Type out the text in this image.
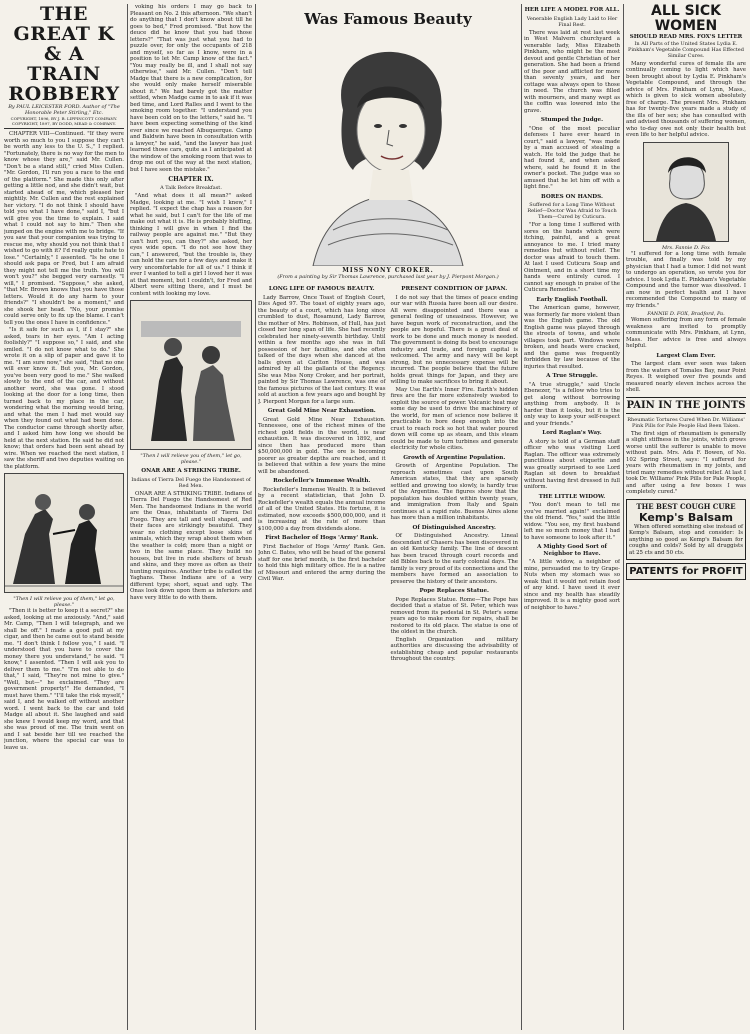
THE GREAT K & A
TRAIN ROBBERY
By PAUL LEICESTER FORD. Author of "The Honorable Peter Stirling," Etc.
COPYRIGHT, 1896, BY J. B. LIPPINCOTT COMPANY. COPYRIGHT, 1897, BY DODD, MEAD & COMPANY.

CHAPTER VIII—Continued. "If they were worth so much to you I suppose they can't be worth any less to the U. S.," I replied. "Fortunately, there is no way for the men to know whose they are," said Mr. Cullen. "Don't be a stand still," cried Miss Cullen. "Mr. Gordon, I'll run you a race to the end of the platform." She made this only after getting a little nod, and she didn't wait, but started ahead of me, which pleased her mightily. Mr. Cullen and the rest explained her victory. "I do not think I should have told you what I have done," said I, "but I will give you the time to explain. I said what I could not say to him." Then she jumped on the engine with me to bridge. "If you saw that your companion was trying to rescue me, why should you not think that I wished to go with it? I'd really quite hate to lose." "Certainly," I assented. "Is he one I should ask papa or Fred, but I am afraid they might not tell me the truth. You will won't you?" she begged very earnestly. "I will," I promised. "Suppose," she asked, "that Mr. Brown knows that you have those letters. Would it do any harm to your friends?" "I shouldn't be a moment," and she shook her head. "No, your promise could serve only to fix up the blame. I can't tell you the ones I have in confidence."

"Is it safe for such as I, if I stay?" she asked, tears in her eyes. "Am I acting foolishly?" "I suppose so," I said, and she smiled. "I do not know what to do." She wrote it on a slip of paper and gave it to me. "I am sure now," she said, "that no one will ever know it. But you, Mr. Gordon, you've been very good to me." She walked slowly to the end of the car, and without another word, she was gone. I stood looking at the door for a long time, then turned back to my place in the car, wondering what the morning would bring, and what the men I had met would say when they found out what had been done. The conductor came through shortly after, and I asked him how long we should be held at the next station. He said he did not know; that orders had been sent ahead by wire. When we reached the next station, I saw the sheriff and two deputies waiting on the platform.

"Then I will relieve you of them," let go, please."

"Then it is better to keep it a secret?" she asked, looking at me anxiously. "And," said Mr. Camp, "Then I will telegraph, and we shall be off." I made a good pull at my cigar, and then he came out to stand beside me. "I don't think I follow you," I said. "I understood that you have to cover the money there you understand," he said. "I know," I assented. "Then I will ask you to deliver them to me." "I'm not able to do that," I said, "They're not mine to give." "Well, but—" he exclaimed. "They are government property!" He demanded, "I must have them." "I'll take the risk myself," said I, and he walked off without another word. I went back to the car and told Madge all about it. She laughed and said she knew I would keep my word, and that she was proud of me. The train went on and I sat beside her till we reached the junction, where the special car was to leave us.

voking his orders I may go back to Pleasant on No. 2 this afternoon. "We shan't do anything that I don't know about till he goes to bed," Fred promised. "But how the deuce did he know that you had those letters?" "That was just what you had to puzzle over, for only the occupants of 218 and myself, so far as I know, were in a position to let Mr. Camp know of the fact." "You may really be ill, and I shall not say otherwise," said Mr. Cullen. "Don't tell Madge that there is a new complication, for she would only make herself miserable about it." We had barely got the matter settled, when Madge came in to ask if it was bed time, and Lord Ralles and I went to the smoking room together. "I understand you have been cold on to the letters," said he. "I have been expecting something of the kind ever since we reached Albuquerque. Camp and Baldwin have been in consultation with a lawyer," he said, "and the lawyer has just learned those cars, quite as I anticipated at the window of the smoking room that was to drop me out of the way at the next station, but I have seen the mistake."

CHAPTER IX.
A Talk Before Breakfast.

"And what does it all mean?" asked Madge, looking at me. "I wish I knew," I replied. "I expect the chap has a reason for what he said, but I can't for the life of me make out what it is. He is probably bluffing, thinking I will give in when I find the railway people are against me." "But they can't hurt you, can they?" she asked, her eyes wide open. "I do not see how they can," I answered, "but the trouble is, they can hold the cars for a few days and make it very uncomfortable for all of us." I think if ever I wanted to tell a girl I loved her it was at that moment, but I couldn't, for Fred and Albert were sitting there, and I must be content with looking my love.

"Then I will relieve you of them," let go, please."
ONAR ARE A STRIKING TRIBE.
Indians of Tierra Del Fuego the Handsomest of Red Men.

ONAR ARE A STRIKING TRIBE. Indians of Tierra Del Fuego the Handsomest of Red Men. The handsomest Indians in the world are the Onas, inhabitants of Tierra Del Fuego. They are tall and well shaped, and their faces are strikingly beautiful. They wear no clothing except loose skins of animals, which they wrap about them when the weather is cold; more than a night or two in the same place. They build no houses, but live in rude shelters of brush and skins, and they move as often as their hunting requires. Another tribe is called the Yaghans. These Indians are of a very different type; short, squat and ugly. The Onas look down upon them as inferiors and have very little to do with them.

Was Famous Beauty
MISS NONY CROKER.
(From a painting by Sir Thomas Lawrence, purchased last year by J. Pierpont Morgan.)
LONG LIFE OF FAMOUS BEAUTY.

Lady Barrow, Once Toast of English Court, Dies Aged 97. The toast of eighty years ago, the beauty of a court, which has long since crumbled to dust, Rosamund, Lady Barrow, the mother of Mrs. Robinson, of Hull, has just closed her long span of life. She had recently celebrated her ninety-seventh birthday. Until within a few months ago she was in full possession of her faculties, and she often talked of the days when she danced at the balls given at Carlton House, and was admired by all the gallants of the Regency. She was Miss Nony Croker, and her portrait, painted by Sir Thomas Lawrence, was one of the famous pictures of the last century. It was sold at auction a few years ago and bought by J. Pierpont Morgan for a large sum.

Great Gold Mine Near Exhaustion.

Great Gold Mine Near Exhaustion. Tennessee, one of the richest mines of the richest gold fields in the world, is near exhaustion. It was discovered in 1892, and since then has produced more than $50,000,000 in gold. The ore is becoming poorer as greater depths are reached, and it is believed that within a few years the mine will be abandoned.

Rockefeller's Immense Wealth.

Rockefeller's Immense Wealth. It is believed by a recent statistician, that John D. Rockefeller's wealth equals the annual income of all of the United States. His fortune, it is estimated, now exceeds $500,000,000, and it is increasing at the rate of more than $100,000 a day from dividends alone.

First Bachelor of Hogs 'Army' Rank.

First Bachelor of Hogs 'Army' Rank. Gen. John C. Bates, who will be head of the general staff for one brief month, is the first bachelor to hold this high military office. He is a native of Missouri and entered the army during the Civil War.

PRESENT CONDITION OF JAPAN.

I do not say that the times of peace ending our war with Russia have been all our desire. All were disappointed and there was a general feeling of uneasiness. However, we have begun work of reconstruction, and the people are hopeful. There is a great deal of work to be done and much money is needed. The government is doing its best to encourage industry and trade, and foreign capital is welcomed. The army and navy will be kept strong, but no unnecessary expense will be incurred. The people believe that the future holds great things for Japan, and they are willing to make sacrifices to bring it about.

May Use Earth's Inner Fire. Earth's hidden fires are the far more extensively wasted to exploit the source of power. Volcanic heat may some day be used to drive the machinery of the world, for men of science now believe it practicable to bore deep enough into the crust to reach rock so hot that water poured down will come up as steam, and this steam could be made to turn turbines and generate electricity for whole cities.

Growth of Argentine Population.

Growth of Argentine Population. The reproach sometimes cast upon South American states, that they are sparsely settled and growing too slowly, is hardly true of the Argentine. The figures show that the population has doubled within twenty years, and immigration from Italy and Spain continues at a rapid rate. Buenos Aires alone has more than a million inhabitants.

Of Distinguished Ancestry.

Of Distinguished Ancestry. Lineal descendant of Chasers has been discovered in an old Kentucky family. The line of descent has been traced through court records and old Bibles back to the early colonial days. The family is very proud of its connections and the members have formed an association to preserve the history of their ancestors.

Pope Replaces Statue.

Pope Replaces Statue. Rome—The Pope has decided that a statue of St. Peter, which was removed from its pedestal in St. Peter's some years ago to make room for repairs, shall be restored to its old place. The statue is one of the oldest in the church.

English Organization and military authorities are discussing the advisability of establishing cheap and popular restaurants throughout the country.

HER LIFE A MODEL FOR ALL.
Venerable English Lady Laid to Her Final Rest.

There was laid at rest last week in West Malvern churchyard a venerable lady, Miss Elizabeth Pinkham, who might be the most devout and gentle Christian of her generation. She had been a friend of the poor and afflicted for more than seventy years, and her cottage was always open to those in need. The church was filled with mourners, and many wept as the coffin was lowered into the grave.

Stumped the Judge.

"One of the most peculiar defenses I have ever heard in court," said a lawyer, "was made by a man accused of stealing a watch. He told the judge that he had found it, and when asked where, said he found it in the owner's pocket. The judge was so amused that he let him off with a light fine."

BORES ON HANDS.
Suffered for a Long Time Without Relief—Doctor Was Afraid to Touch Them—Cured by Cuticura.

"For a long time I suffered with sores on the hands which were itching, painful, and a great annoyance to me. I tried many remedies but without relief. The doctor was afraid to touch them. At last I used Cuticura Soap and Ointment, and in a short time my hands were entirely cured. I cannot say enough in praise of the Cuticura Remedies."

Early English Football.

The American game, however, was formerly far more violent than was the English game. The old English game was played through the streets of towns, and whole villages took part. Windows were broken, and heads were cracked, and the game was frequently forbidden by law because of the injuries that resulted.

A True Struggle.

"A true struggle," said Uncle Ebenezer, "is a fellow who tries to get along without borrowing anything from anybody. It is harder than it looks, but it is the only way to keep your self-respect and your friends."

Lord Raglan's Way.

A story is told of a German staff officer who was visiting Lord Raglan. The officer was extremely punctilious about etiquette and was greatly surprised to see Lord Raglan sit down to breakfast without having first dressed in full uniform.

THE LITTLE WIDOW.

"You don't mean to tell me you've married again!" exclaimed the old friend. "Yes," said the little widow. "You see, my first husband left me so much money that I had to have someone to look after it."

A Mighty Good Sort of Neighbor to Have.

"A little widow, a neighbor of mine, persuaded me to try Grape-Nuts when my stomach was so weak that it would not retain food of any kind. I have used it ever since and my health has steadily improved. It is a mighty good sort of neighbor to have."

ALL SICK WOMEN
SHOULD READ MRS. FOX'S LETTER
In All Parts of the United States Lydia E. Pinkham's Vegetable Compound Has Effected Similar Cures.

Many wonderful cures of female ills are continually coming to light which have been brought about by Lydia E. Pinkham's Vegetable Compound, and through the advice of Mrs. Pinkham of Lynn, Mass., which is given to sick women absolutely free of charge. The present Mrs. Pinkham has for twenty-five years made a study of the ills of her sex; she has consulted with and advised thousands of suffering women, who to-day owe not only their health but even life to her helpful advice.

Mrs. Fannie D. Fox

"I suffered for a long time with female trouble, and finally was told by my physician that I had a tumor. I did not want to undergo an operation, so wrote you for advice. I took Lydia E. Pinkham's Vegetable Compound and the tumor was dissolved. I am now in perfect health and I have recommended the Compound to many of my friends."

FANNIE D. FOX, Bradford, Pa.

Women suffering from any form of female weakness are invited to promptly communicate with Mrs. Pinkham, at Lynn, Mass. Her advice is free and always helpful.

Largest Clam Ever.

The largest clam ever seen was taken from the waters of Tomales Bay, near Point Reyes. It weighed over five pounds and measured nearly eleven inches across the shell.

PAIN IN THE JOINTS
Rheumatic Tortures Cured When Dr. Williams' Pink Pills for Pale People Had Been Taken.

The first sign of rheumatism is generally a slight stiffness in the joints, which grows worse until the sufferer is unable to move without pain. Mrs. Ada F. Bowen, of No. 102 Spring Street, says: "I suffered for years with rheumatism in my joints, and tried many remedies without relief. At last I took Dr. Williams' Pink Pills for Pale People, and after using a few boxes I was completely cured."

THE BEST COUGH CURE
Kemp's Balsam

When offered something else instead of Kemp's Balsam, stop and consider: Is anything so good as Kemp's Balsam for coughs and colds? Sold by all druggists at 25 cts and 50 cts.

PATENTS for PROFIT
